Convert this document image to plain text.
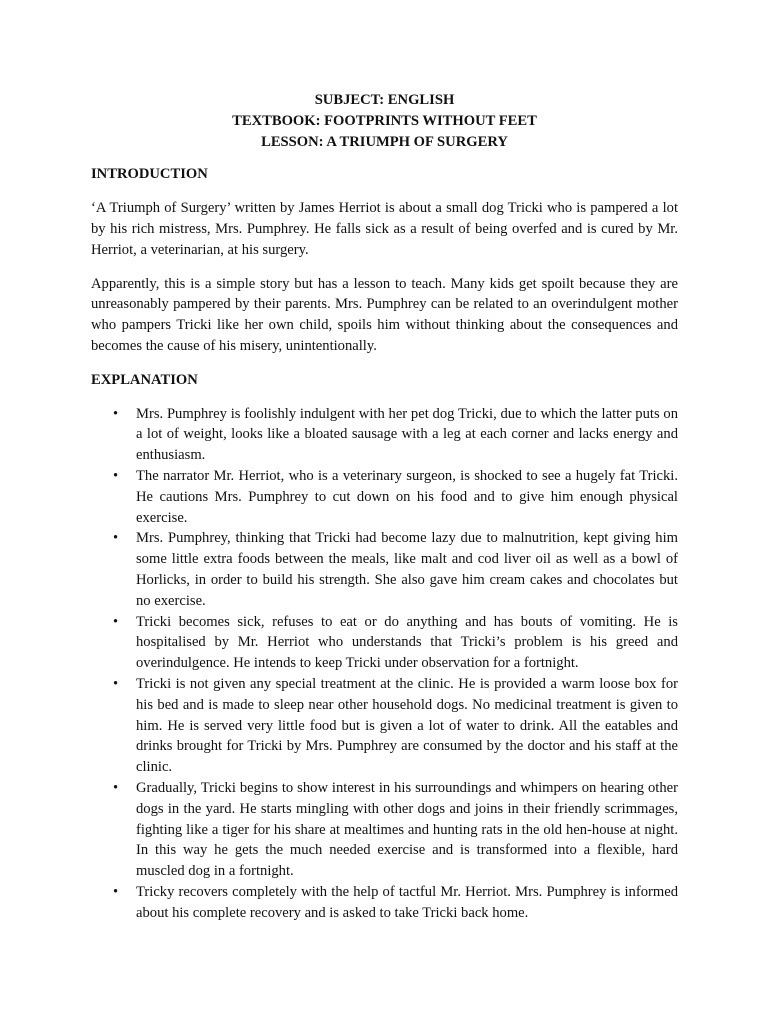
SUBJECT: ENGLISH
TEXTBOOK: FOOTPRINTS WITHOUT FEET
LESSON: A TRIUMPH OF SURGERY
INTRODUCTION

‘A Triumph of Surgery’ written by James Herriot is about a small dog Tricki who is pampered a lot by his rich mistress, Mrs. Pumphrey. He falls sick as a result of being overfed and is cured by Mr. Herriot, a veterinarian, at his surgery.

Apparently, this is a simple story but has a lesson to teach. Many kids get spoilt because they are unreasonably pampered by their parents. Mrs. Pumphrey can be related to an overindulgent mother who pampers Tricki like her own child, spoils him without thinking about the consequences and becomes the cause of his misery, unintentionally.

EXPLANATION
• Mrs. Pumphrey is foolishly indulgent with her pet dog Tricki, due to which the latter puts on a lot of weight, looks like a bloated sausage with a leg at each corner and lacks energy and enthusiasm.
• The narrator Mr. Herriot, who is a veterinary surgeon, is shocked to see a hugely fat Tricki. He cautions Mrs. Pumphrey to cut down on his food and to give him enough physical exercise.
• Mrs. Pumphrey, thinking that Tricki had become lazy due to malnutrition, kept giving him some little extra foods between the meals, like malt and cod liver oil as well as a bowl of Horlicks, in order to build his strength. She also gave him cream cakes and chocolates but no exercise.
• Tricki becomes sick, refuses to eat or do anything and has bouts of vomiting. He is hospitalised by Mr. Herriot who understands that Tricki’s problem is his greed and overindulgence. He intends to keep Tricki under observation for a fortnight.
• Tricki is not given any special treatment at the clinic. He is provided a warm loose box for his bed and is made to sleep near other household dogs. No medicinal treatment is given to him. He is served very little food but is given a lot of water to drink. All the eatables and drinks brought for Tricki by Mrs. Pumphrey are consumed by the doctor and his staff at the clinic.
• Gradually, Tricki begins to show interest in his surroundings and whimpers on hearing other dogs in the yard. He starts mingling with other dogs and joins in their friendly scrimmages, fighting like a tiger for his share at mealtimes and hunting rats in the old hen-house at night. In this way he gets the much needed exercise and is transformed into a flexible, hard muscled dog in a fortnight.
• Tricky recovers completely with the help of tactful Mr. Herriot. Mrs. Pumphrey is informed about his complete recovery and is asked to take Tricki back home.
